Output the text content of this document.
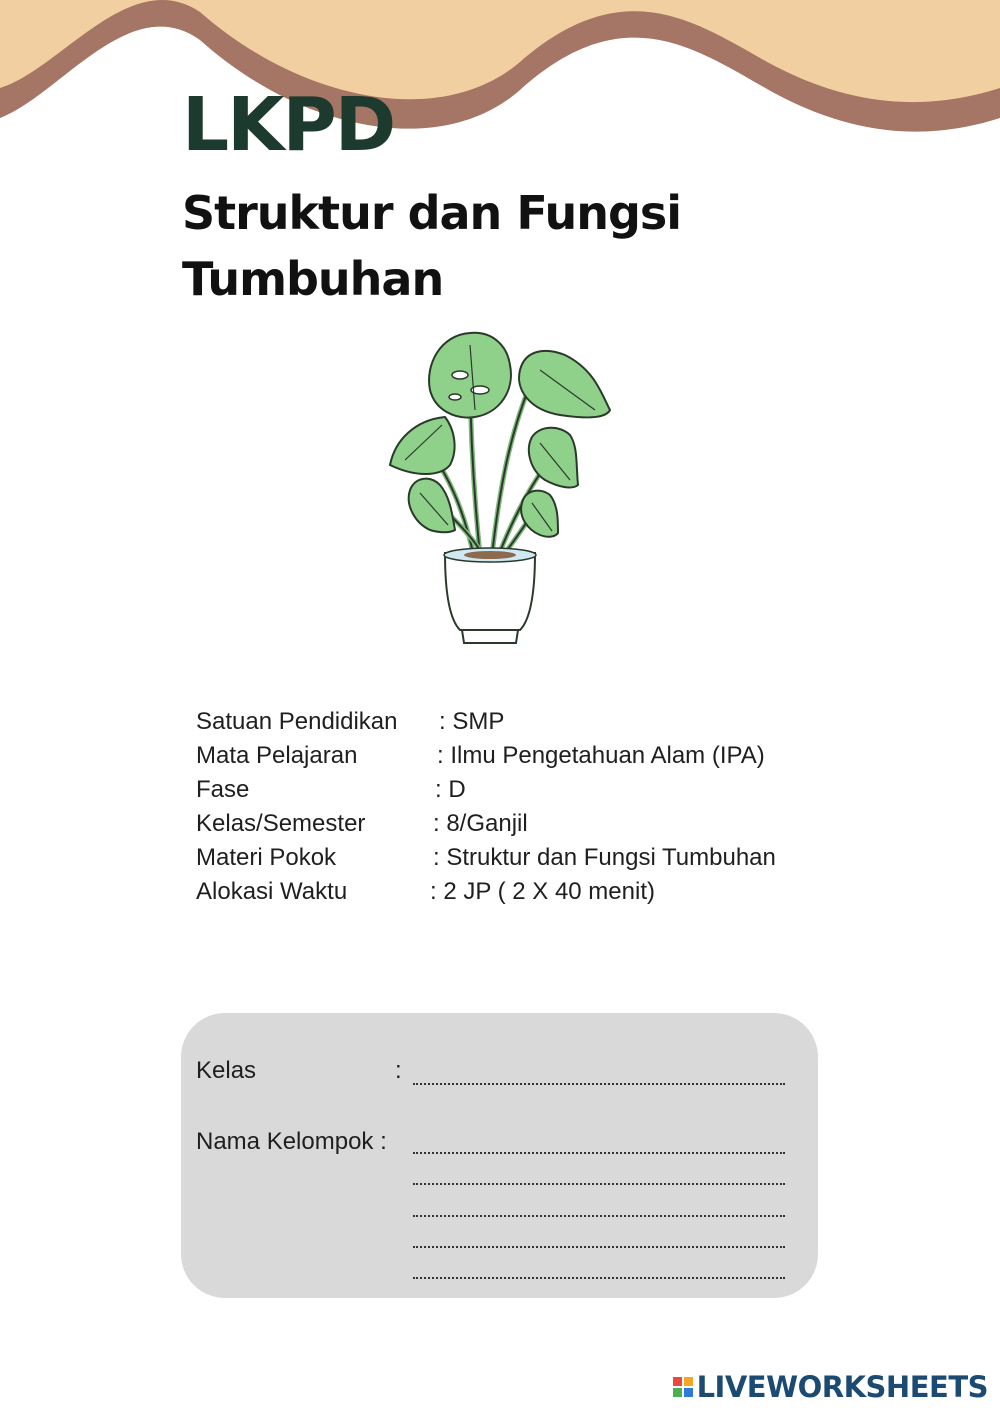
LKPD
Struktur dan Fungsi Tumbuhan
Satuan Pendidikan : SMP
Mata Pelajaran	: Ilmu Pengetahuan Alam (IPA)
Fase	: D
Kelas/Semester	: 8/Ganjil
Materi Pokok	: Struktur dan Fungsi Tumbuhan
Alokasi Waktu	: 2 JP ( 2 X 40 menit)
Kelas	:
Nama Kelompok :
LIVEWORKSHEETS
